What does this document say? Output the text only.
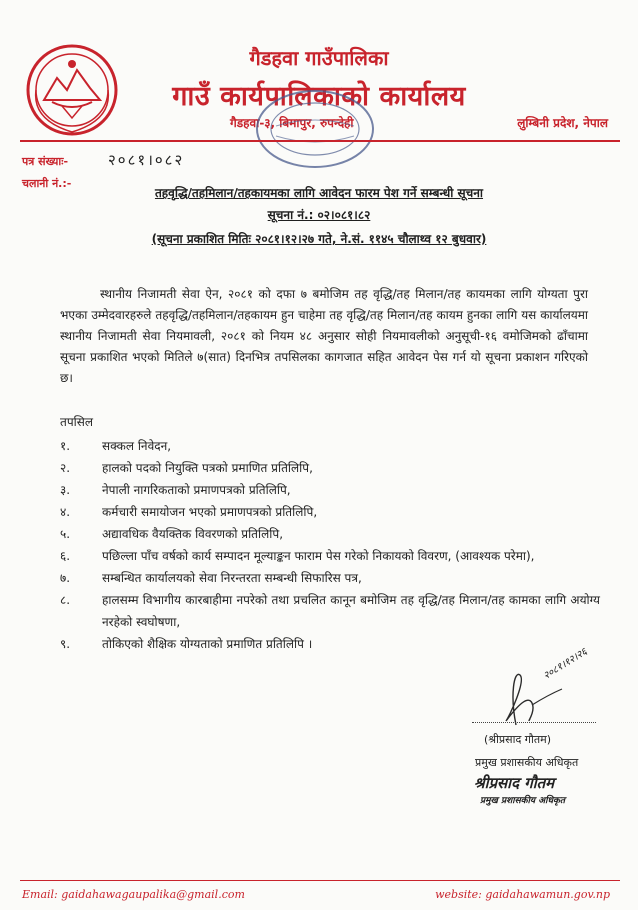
गैडहवा गाउँपालिका
गाउँ कार्यपालिकाको कार्यालय
गैडहवा-३, बिमापुर, रुपन्देही	लुम्बिनी प्रदेश, नेपाल
पत्र संख्याः-	२०८१।०८२
चलानी नं.:-
तहवृद्धि/तहमिलान/तहकायमका लागि आवेदन फारम पेश गर्ने सम्बन्धी सूचना
सूचना नं.: ०२।०८१।८२
(सूचना प्रकाशित मितिः २०८१।१२।२७ गते, ने.सं. ११४५ चौलाथ्व १२ बुधवार)
स्थानीय निजामती सेवा ऐन, २०८१ को दफा ७ बमोजिम तह वृद्धि/तह मिलान/तह कायमका लागि योग्यता पुरा भएका उम्मेदवारहरुले तहवृद्धि/तहमिलान/तहकायम हुन चाहेमा तह वृद्धि/तह मिलान/तह कायम हुनका लागि यस कार्यालयमा स्थानीय निजामती सेवा नियमावली, २०८१ को नियम ४८ अनुसार सोही नियमावलीको अनुसूची-१६ वमोजिमको ढाँचामा सूचना प्रकाशित भएको मितिले ७(सात) दिनभित्र तपसिलका कागजात सहित आवेदन पेस गर्न यो सूचना प्रकाशन गरिएको छ।
तपसिल
१.	सक्कल निवेदन,
२.	हालको पदको नियुक्ति पत्रको प्रमाणित प्रतिलिपि,
३.	नेपाली नागरिकताको प्रमाणपत्रको प्रतिलिपि,
४.	कर्मचारी समायोजन भएको प्रमाणपत्रको प्रतिलिपि,
५.	अद्यावधिक वैयक्तिक विवरणको प्रतिलिपि,
६.	पछिल्ला पाँच वर्षको कार्य सम्पादन मूल्याङ्कन फाराम पेस गरेको निकायको विवरण, (आवश्यक परेमा),
७.	सम्बन्धित कार्यालयको सेवा निरन्तरता सम्बन्धी सिफारिस पत्र,
८.	हालसम्म विभागीय कारबाहीमा नपरेको तथा प्रचलित कानून बमोजिम तह वृद्धि/तह मिलान/तह कामका लागि अयोग्य नरहेको स्वघोषणा,
९.	तोकिएको शैक्षिक योग्यताको प्रमाणित प्रतिलिपि ।
२०८१।१२।२६
(श्रीप्रसाद गौतम)
प्रमुख प्रशासकीय अधिकृत
श्रीप्रसाद गौतम
प्रमुख प्रशासकीय अधिकृत
Email: gaidahawagaupalika@gmail.com	website: gaidahawamun.gov.np
